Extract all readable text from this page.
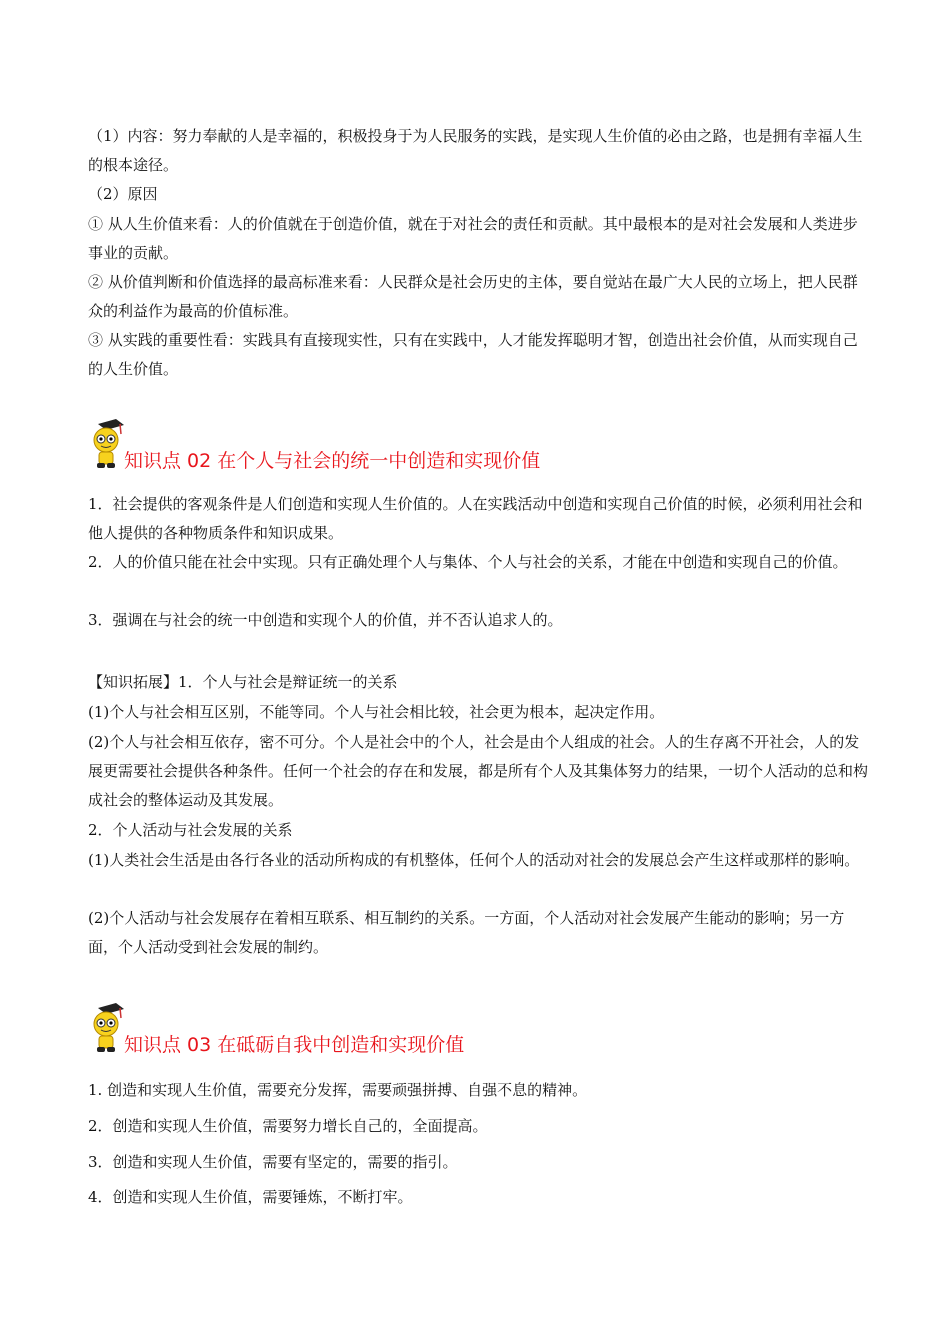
（1）内容：努力奉献的人是幸福的，积极投身于为人民服务的实践，是实现人生价值的必由之路，也是拥有幸福人生的根本途径。

（2）原因

① 从人生价值来看：人的价值就在于创造价值，就在于对社会的责任和贡献。其中最根本的是对社会发展和人类进步事业的贡献。

② 从价值判断和价值选择的最高标准来看：人民群众是社会历史的主体，要自觉站在最广大人民的立场上，把人民群众的利益作为最高的价值标准。

③ 从实践的重要性看：实践具有直接现实性，只有在实践中，人才能发挥聪明才智，创造出社会价值，从而实现自己的人生价值。

知识点 02 在个人与社会的统一中创造和实现价值

1．社会提供的客观条件是人们创造和实现人生价值的。人在实践活动中创造和实现自己价值的时候，必须利用社会和他人提供的各种物质条件和知识成果。

2．人的价值只能在社会中实现。只有正确处理个人与集体、个人与社会的关系，才能在中创造和实现自己的价值。

3．强调在与社会的统一中创造和实现个人的价值，并不否认追求人的。

【知识拓展】1．个人与社会是辩证统一的关系

(1)个人与社会相互区别，不能等同。个人与社会相比较，社会更为根本，起决定作用。

(2)个人与社会相互依存，密不可分。个人是社会中的个人，社会是由个人组成的社会。人的生存离不开社会，人的发展更需要社会提供各种条件。任何一个社会的存在和发展，都是所有个人及其集体努力的结果，一切个人活动的总和构成社会的整体运动及其发展。

2．个人活动与社会发展的关系

(1)人类社会生活是由各行各业的活动所构成的有机整体，任何个人的活动对社会的发展总会产生这样或那样的影响。

(2)个人活动与社会发展存在着相互联系、相互制约的关系。一方面，个人活动对社会发展产生能动的影响；另一方面，个人活动受到社会发展的制约。

知识点 03 在砥砺自我中创造和实现价值

1. 创造和实现人生价值，需要充分发挥，需要顽强拼搏、自强不息的精神。

2．创造和实现人生价值，需要努力增长自己的，全面提高。

3．创造和实现人生价值，需要有坚定的，需要的指引。

4．创造和实现人生价值，需要锤炼，不断打牢。
